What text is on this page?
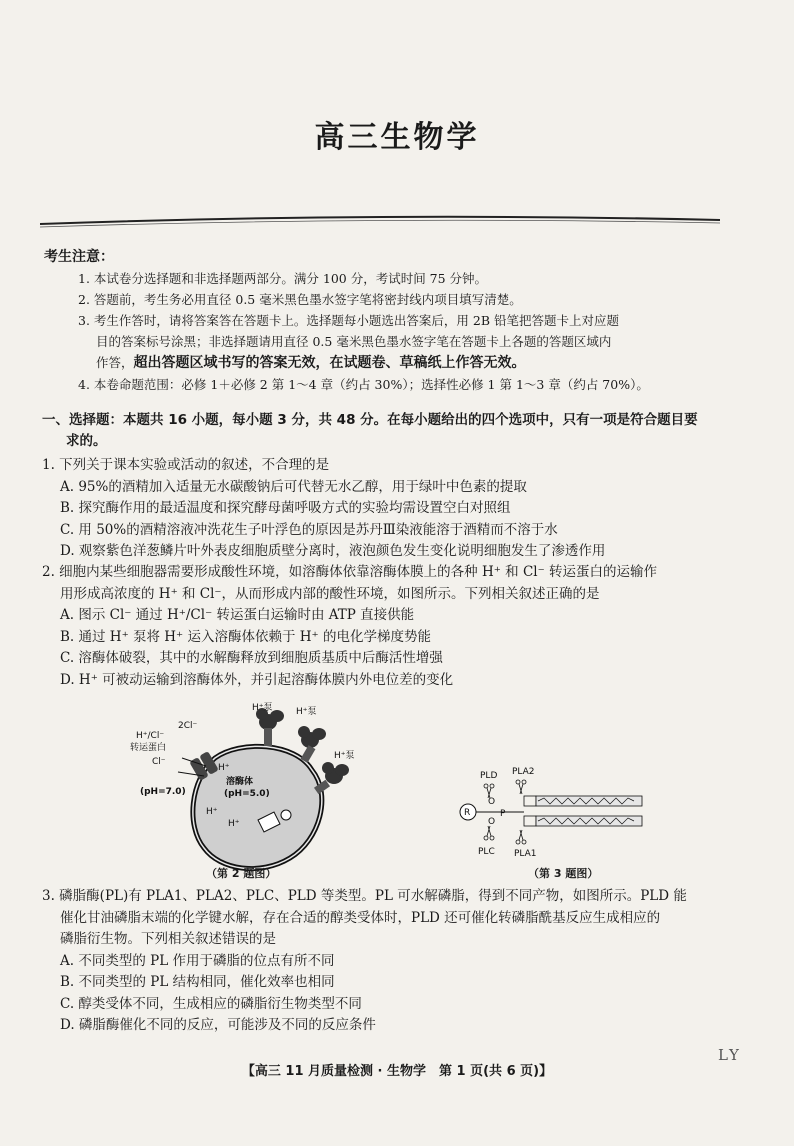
高三生物学
考生注意：

1. 本试卷分选择题和非选择题两部分。满分 100 分，考试时间 75 分钟。

2. 答题前，考生务必用直径 0.5 毫米黑色墨水签字笔将密封线内项目填写清楚。

3. 考生作答时，请将答案答在答题卡上。选择题每小题选出答案后，用 2B 铅笔把答题卡上对应题

目的答案标号涂黑；非选择题请用直径 0.5 毫米黑色墨水签字笔在答题卡上各题的答题区域内

作答，超出答题区域书写的答案无效，在试题卷、草稿纸上作答无效。

4. 本卷命题范围：必修 1＋必修 2 第 1～4 章（约占 30%）；选择性必修 1 第 1～3 章（约占 70%）。

一、选择题：本题共 16 小题，每小题 3 分，共 48 分。在每小题给出的四个选项中，只有一项是符合题目要
求的。

1. 下列关于课本实验或活动的叙述，不合理的是

A. 95%的酒精加入适量无水碳酸钠后可代替无水乙醇，用于绿叶中色素的提取

B. 探究酶作用的最适温度和探究酵母菌呼吸方式的实验均需设置空白对照组

C. 用 50%的酒精溶液冲洗花生子叶浮色的原因是苏丹Ⅲ染液能溶于酒精而不溶于水

D. 观察紫色洋葱鳞片叶外表皮细胞质壁分离时，液泡颜色发生变化说明细胞发生了渗透作用

2. 细胞内某些细胞器需要形成酸性环境，如溶酶体依靠溶酶体膜上的各种 H⁺ 和 Cl⁻ 转运蛋白的运输作

用形成高浓度的 H⁺ 和 Cl⁻，从而形成内部的酸性环境，如图所示。下列相关叙述正确的是

A. 图示 Cl⁻ 通过 H⁺/Cl⁻ 转运蛋白运输时由 ATP 直接供能

B. 通过 H⁺ 泵将 H⁺ 运入溶酶体依赖于 H⁺ 的电化学梯度势能

C. 溶酶体破裂，其中的水解酶释放到细胞质基质中后酶活性增强

D. H⁺ 可被动运输到溶酶体外，并引起溶酶体膜内外电位差的变化

H⁺泵	H⁺泵
H⁺泵
2Cl⁻
H⁺/Cl⁻
转运蛋白
Cl⁻
H⁺
溶酶体
(pH=5.0)
(pH=7.0)
H⁺
H⁺
（第 2 题图）
R
O
P
O
PLD PLA2
PLC PLA1
（第 3 题图）

3. 磷脂酶(PL)有 PLA1、PLA2、PLC、PLD 等类型。PL 可水解磷脂，得到不同产物，如图所示。PLD 能

催化甘油磷脂末端的化学键水解，存在合适的醇类受体时，PLD 还可催化转磷脂酰基反应生成相应的

磷脂衍生物。下列相关叙述错误的是

A. 不同类型的 PL 作用于磷脂的位点有所不同

B. 不同类型的 PL 结构相同，催化效率也相同

C. 醇类受体不同，生成相应的磷脂衍生物类型不同

D. 磷脂酶催化不同的反应，可能涉及不同的反应条件

【高三 11 月质量检测 · 生物学　第 1 页(共 6 页)】
LY
